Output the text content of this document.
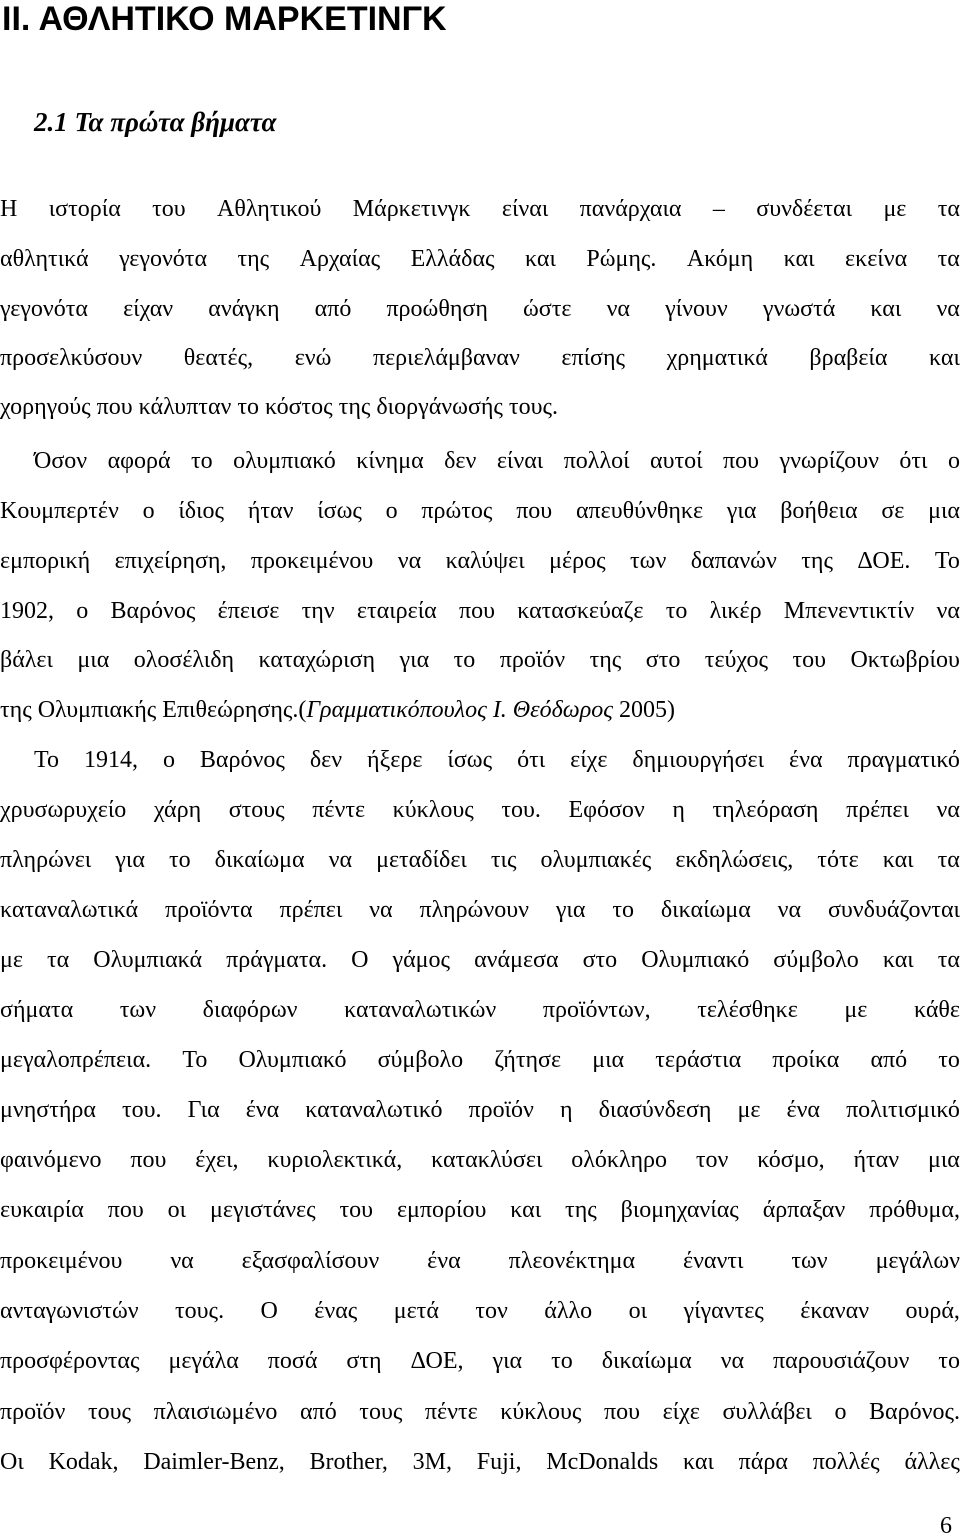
ΙΙ. ΑΘΛΗΤΙΚΟ ΜΑΡΚΕΤΙΝΓΚ
2.1 Τα πρώτα βήματα
Η ιστορία του Αθλητικού Μάρκετινγκ είναι πανάρχαια – συνδέεται με τα
αθλητικά γεγονότα της Αρχαίας Ελλάδας και Ρώμης. Ακόμη και εκείνα τα
γεγονότα είχαν ανάγκη από προώθηση ώστε να γίνουν γνωστά και να
προσελκύσουν θεατές, ενώ περιελάμβαναν επίσης χρηματικά βραβεία και
χορηγούς που κάλυπταν το κόστος της διοργάνωσής τους.
Όσον αφορά το ολυμπιακό κίνημα δεν είναι πολλοί αυτοί που γνωρίζουν ότι ο
Κουμπερτέν ο ίδιος ήταν ίσως ο πρώτος που απευθύνθηκε για βοήθεια σε μια
εμπορική επιχείρηση, προκειμένου να καλύψει μέρος των δαπανών της ΔΟΕ. Το
1902, ο Βαρόνος έπεισε την εταιρεία που κατασκεύαζε το λικέρ Μπενεντικτίν να
βάλει μια ολοσέλιδη καταχώριση για το προϊόν της στο τεύχος του Οκτωβρίου
της Ολυμπιακής Επιθεώρησης.(Γραμματικόπουλος Ι. Θεόδωρος 2005)
Το 1914, ο Βαρόνος δεν ήξερε ίσως ότι είχε δημιουργήσει ένα πραγματικό
χρυσωρυχείο χάρη στους πέντε κύκλους του. Εφόσον η τηλεόραση πρέπει να
πληρώνει για το δικαίωμα να μεταδίδει τις ολυμπιακές εκδηλώσεις, τότε και τα
καταναλωτικά προϊόντα πρέπει να πληρώνουν για το δικαίωμα να συνδυάζονται
με τα Ολυμπιακά πράγματα. Ο γάμος ανάμεσα στο Ολυμπιακό σύμβολο και τα
σήματα των διαφόρων καταναλωτικών προϊόντων, τελέσθηκε με κάθε
μεγαλοπρέπεια. Το Ολυμπιακό σύμβολο ζήτησε μια τεράστια προίκα από το
μνηστήρα του. Για ένα καταναλωτικό προϊόν η διασύνδεση με ένα πολιτισμικό
φαινόμενο που έχει, κυριολεκτικά, κατακλύσει ολόκληρο τον κόσμο, ήταν μια
ευκαιρία που οι μεγιστάνες του εμπορίου και της βιομηχανίας άρπαξαν πρόθυμα,
προκειμένου να εξασφαλίσουν ένα πλεονέκτημα έναντι των μεγάλων
ανταγωνιστών τους. Ο ένας μετά τον άλλο οι γίγαντες έκαναν ουρά,
προσφέροντας μεγάλα ποσά στη ΔΟΕ, για το δικαίωμα να παρουσιάζουν το
προϊόν τους πλαισιωμένο από τους πέντε κύκλους που είχε συλλάβει ο Βαρόνος.
Οι Kodak, Daimler-Benz, Brother, 3M, Fuji, McDonalds και πάρα πολλές άλλες
6
